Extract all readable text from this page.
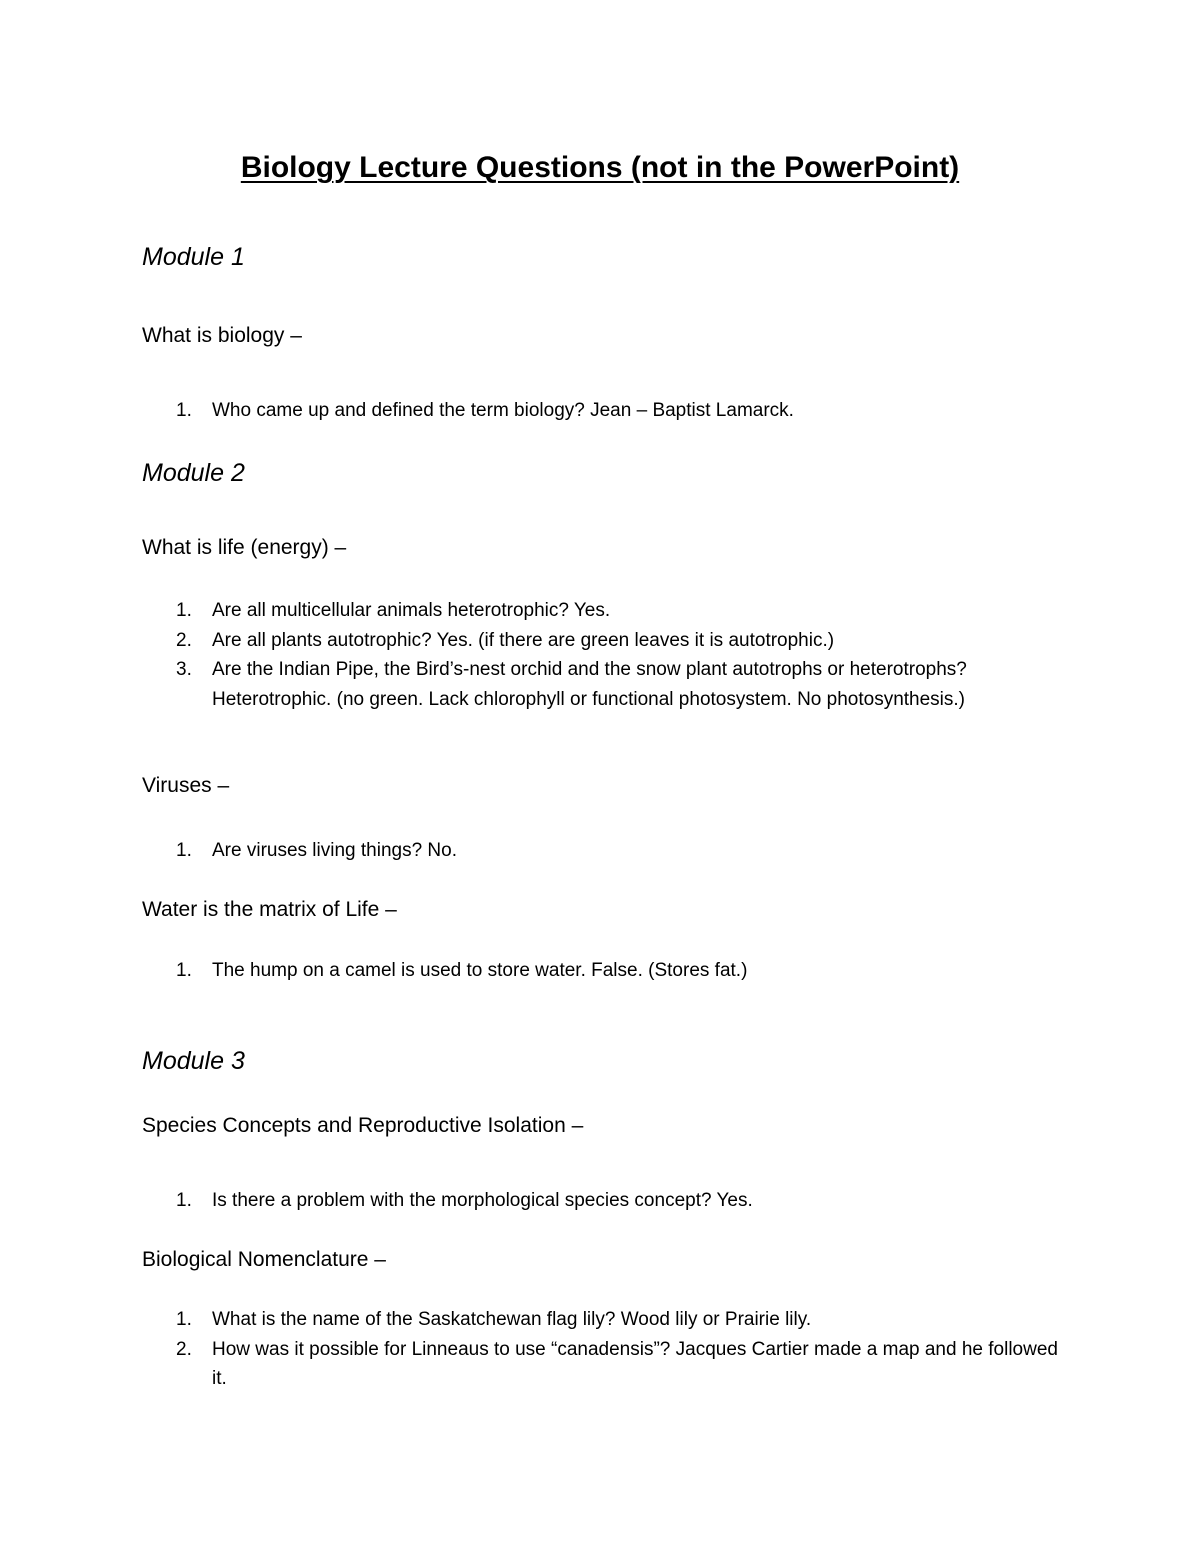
Biology Lecture Questions (not in the PowerPoint)
Module 1
What is biology –
1.	Who came up and defined the term biology? Jean – Baptist Lamarck.
Module 2
What is life (energy) –
1.	Are all multicellular animals heterotrophic? Yes.
2.	Are all plants autotrophic? Yes. (if there are green leaves it is autotrophic.)
3.	Are the Indian Pipe, the Bird’s-nest orchid and the snow plant autotrophs or heterotrophs? Heterotrophic. (no green. Lack chlorophyll or functional photosystem. No photosynthesis.)
Viruses –
1.	Are viruses living things? No.
Water is the matrix of Life –
1.	The hump on a camel is used to store water. False. (Stores fat.)
Module 3
Species Concepts and Reproductive Isolation –
1.	Is there a problem with the morphological species concept? Yes.
Biological Nomenclature –
1.	What is the name of the Saskatchewan flag lily? Wood lily or Prairie lily.
2.	How was it possible for Linneaus to use “canadensis”? Jacques Cartier made a map and he followed it.
